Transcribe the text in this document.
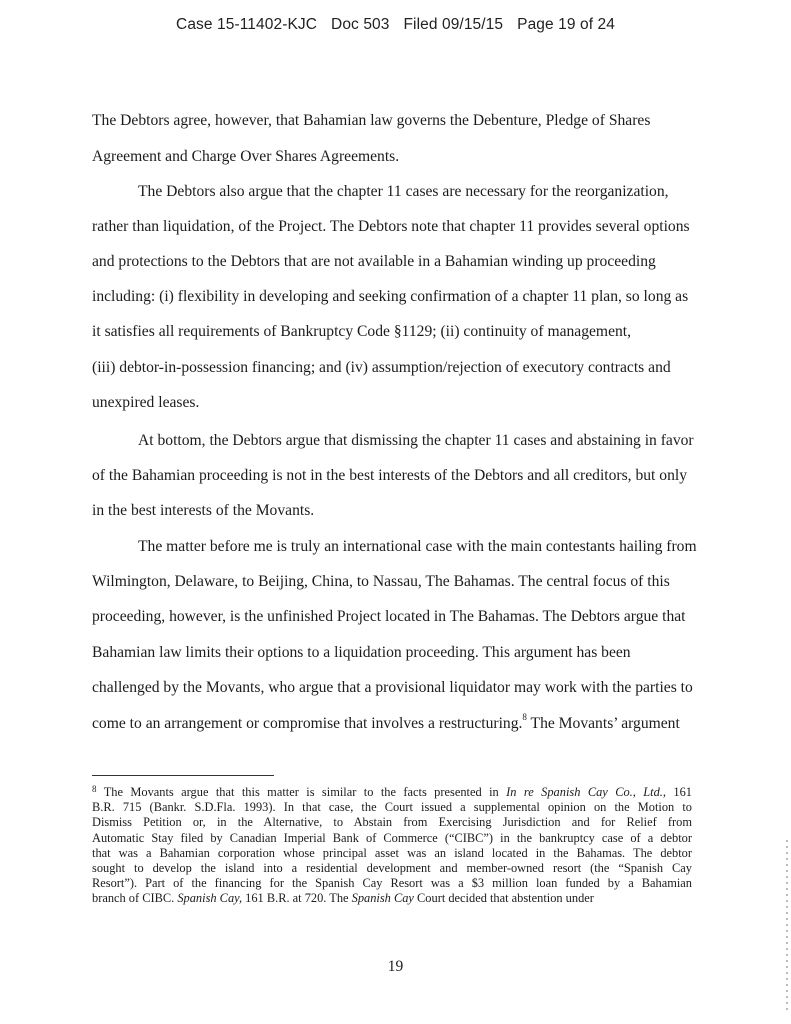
Case 15-11402-KJC Doc 503 Filed 09/15/15 Page 19 of 24
The Debtors agree, however, that Bahamian law governs the Debenture, Pledge of Shares
Agreement and Charge Over Shares Agreements.
The Debtors also argue that the chapter 11 cases are necessary for the reorganization,
rather than liquidation, of the Project. The Debtors note that chapter 11 provides several options
and protections to the Debtors that are not available in a Bahamian winding up proceeding
including: (i) flexibility in developing and seeking confirmation of a chapter 11 plan, so long as
it satisfies all requirements of Bankruptcy Code §1129; (ii) continuity of management,
(iii) debtor-in-possession financing; and (iv) assumption/rejection of executory contracts and
unexpired leases.
At bottom, the Debtors argue that dismissing the chapter 11 cases and abstaining in favor
of the Bahamian proceeding is not in the best interests of the Debtors and all creditors, but only
in the best interests of the Movants.
The matter before me is truly an international case with the main contestants hailing from
Wilmington, Delaware, to Beijing, China, to Nassau, The Bahamas. The central focus of this
proceeding, however, is the unfinished Project located in The Bahamas. The Debtors argue that
Bahamian law limits their options to a liquidation proceeding. This argument has been
challenged by the Movants, who argue that a provisional liquidator may work with the parties to
come to an arrangement or compromise that involves a restructuring.$^8$ The Movants’ argument
$^8$ The Movants argue that this matter is similar to the facts presented in In re Spanish Cay Co., Ltd., 161
B.R. 715 (Bankr. S.D.Fla. 1993). In that case, the Court issued a supplemental opinion on the Motion to
Dismiss Petition or, in the Alternative, to Abstain from Exercising Jurisdiction and for Relief from
Automatic Stay filed by Canadian Imperial Bank of Commerce (“CIBC”) in the bankruptcy case of a debtor
that was a Bahamian corporation whose principal asset was an island located in the Bahamas. The debtor
sought to develop the island into a residential development and member-owned resort (the “Spanish Cay
Resort”). Part of the financing for the Spanish Cay Resort was a $3 million loan funded by a Bahamian
branch of CIBC. Spanish Cay, 161 B.R. at 720. The Spanish Cay Court decided that abstention under
19
